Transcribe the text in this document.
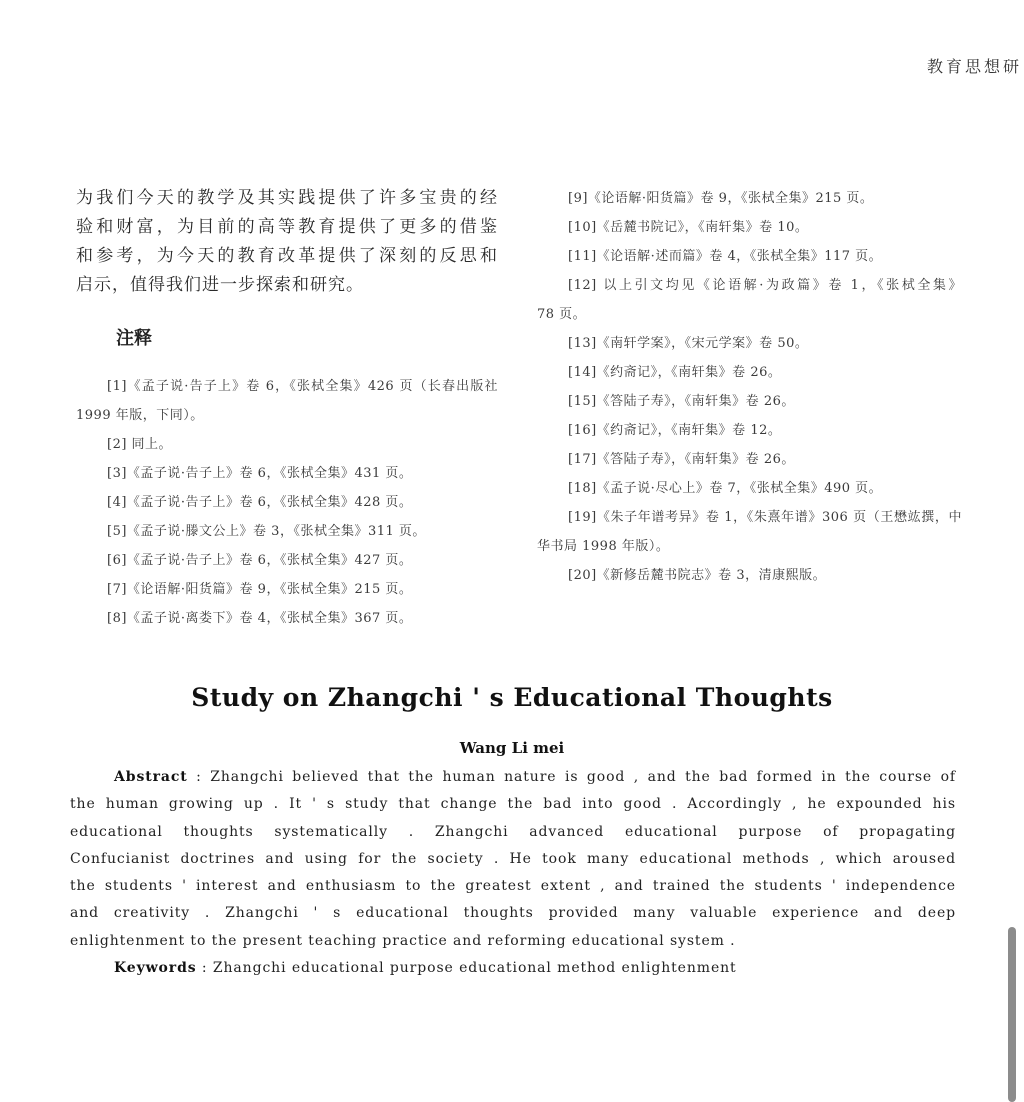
教育思想研
为我们今天的教学及其实践提供了许多宝贵的经
验和财富，为目前的高等教育提供了更多的借鉴
和参考，为今天的教育改革提供了深刻的反思和
启示，值得我们进一步探索和研究。
注释
[1]《孟子说·告子上》卷 6，《张栻全集》426 页（长春出版社
1999 年版，下同）。
[2] 同上。
[3]《孟子说·告子上》卷 6，《张栻全集》431 页。
[4]《孟子说·告子上》卷 6，《张栻全集》428 页。
[5]《孟子说·滕文公上》卷 3，《张栻全集》311 页。
[6]《孟子说·告子上》卷 6，《张栻全集》427 页。
[7]《论语解·阳货篇》卷 9，《张栻全集》215 页。
[8]《孟子说·离娄下》卷 4，《张栻全集》367 页。
[9]《论语解·阳货篇》卷 9，《张栻全集》215 页。
[10]《岳麓书院记》，《南轩集》卷 10。
[11]《论语解·述而篇》卷 4，《张栻全集》117 页。
[12] 以上引文均见《论语解·为政篇》卷 1，《张栻全集》
78 页。
[13]《南轩学案》，《宋元学案》卷 50。
[14]《约斋记》，《南轩集》卷 26。
[15]《答陆子寿》，《南轩集》卷 26。
[16]《约斋记》，《南轩集》卷 12。
[17]《答陆子寿》，《南轩集》卷 26。
[18]《孟子说·尽心上》卷 7，《张栻全集》490 页。
[19]《朱子年谱考异》卷 1，《朱熹年谱》306 页（王懋竑撰，中
华书局 1998 年版）。
[20]《新修岳麓书院志》卷 3，清康熙版。
Study on Zhangchi ' s Educational Thoughts
Wang Li mei
Abstract : Zhangchi believed that the human nature is good , and the bad formed in the course of
the human growing up . It ' s study that change the bad into good . Accordingly , he expounded his
educational thoughts systematically . Zhangchi advanced educational purpose of propagating
Confucianist doctrines and using for the society . He took many educational methods , which aroused
the students ' interest and enthusiasm to the greatest extent , and trained the students ' independence
and creativity . Zhangchi ' s educational thoughts provided many valuable experience and deep
enlightenment to the present teaching practice and reforming educational system .
Keywords : Zhangchi educational purpose educational method enlightenment
